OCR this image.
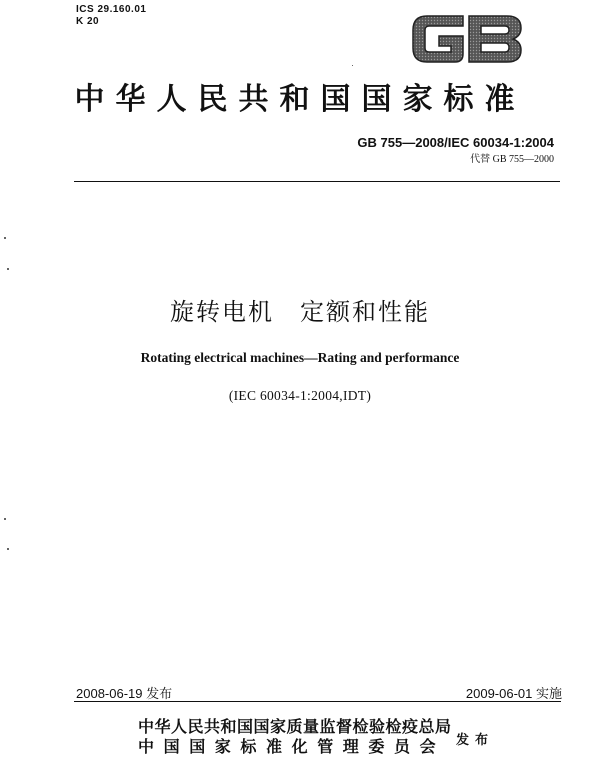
ICS 29.160.01
K 20
中华人民共和国国家标准
GB 755—2008/IEC 60034-1:2004
代替 GB 755—2000
旋转电机　定额和性能
Rotating electrical machines—Rating and performance
(IEC 60034-1:2004,IDT)
2008-06-19 发布	2009-06-01 实施
中华人民共和国国家质量监督检验检疫总局
中国国家标准化管理委员会 发布
